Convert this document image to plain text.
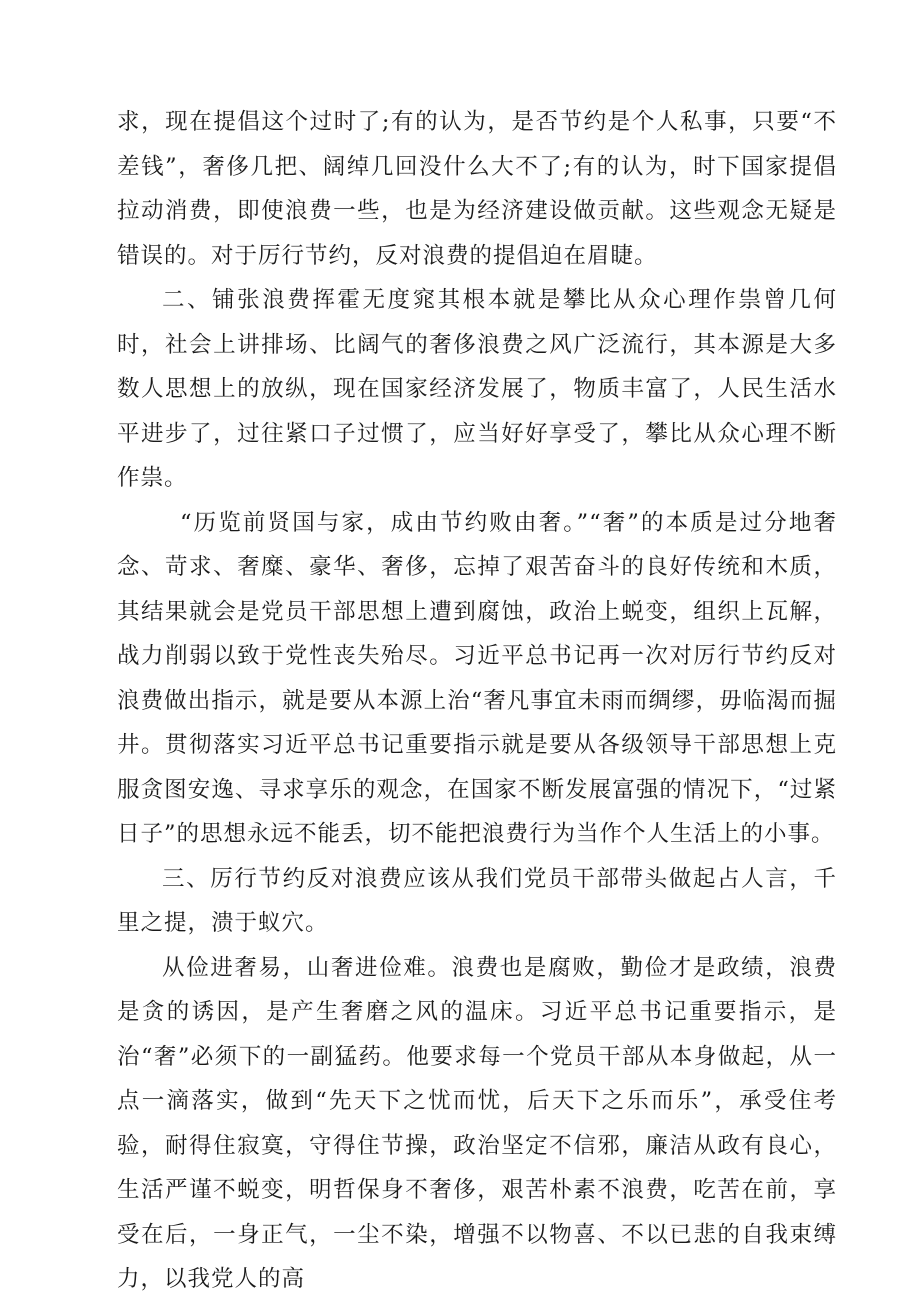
求，现在提倡这个过时了;有的认为，是否节约是个人私事，只要“不差钱”，奢侈几把、阔绰几回没什么大不了;有的认为，时下国家提倡拉动消费，即使浪费一些，也是为经济建设做贡献。这些观念无疑是错误的。对于厉行节约，反对浪费的提倡迫在眉睫。

二、铺张浪费挥霍无度窕其根本就是攀比从众心理作祟曾几何时，社会上讲排场、比阔气的奢侈浪费之风广泛流行，其本源是大多数人思想上的放纵，现在国家经济发展了，物质丰富了，人民生活水平进步了，过往紧口子过惯了，应当好好享受了，攀比从众心理不断作祟。

“历览前贤国与家，成由节约败由奢。”“奢”的本质是过分地奢念、苛求、奢糜、豪华、奢侈，忘掉了艰苦奋斗的良好传统和木质，其结果就会是党员干部思想上遭到腐蚀，政治上蜕变，组织上瓦解，战力削弱以致于党性丧失殆尽。习近平总书记再一次对厉行节约反对浪费做出指示，就是要从本源上治“奢凡事宜未雨而绸缪，毋临渴而掘井。贯彻落实习近平总书记重要指示就是要从各级领导干部思想上克服贪图安逸、寻求享乐的观念，在国家不断发展富强的情况下，“过紧日子”的思想永远不能丢，切不能把浪费行为当作个人生活上的小事。

三、厉行节约反对浪费应该从我们党员干部带头做起占人言，千里之提，溃于蚁穴。

从俭进奢易，山奢进俭难。浪费也是腐败，勤俭才是政绩，浪费是贪的诱因，是产生奢磨之风的温床。习近平总书记重要指示，是治“奢”必须下的一副猛药。他要求每一个党员干部从本身做起，从一点一滴落实，做到“先天下之忧而忧，后天下之乐而乐”，承受住考验，耐得住寂寞，守得住节操，政治坚定不信邪，廉洁从政有良心，生活严谨不蜕变，明哲保身不奢侈，艰苦朴素不浪费，吃苦在前，享受在后，一身正气，一尘不染，增强不以物喜、不以已悲的自我束缚力，以我党人的高
